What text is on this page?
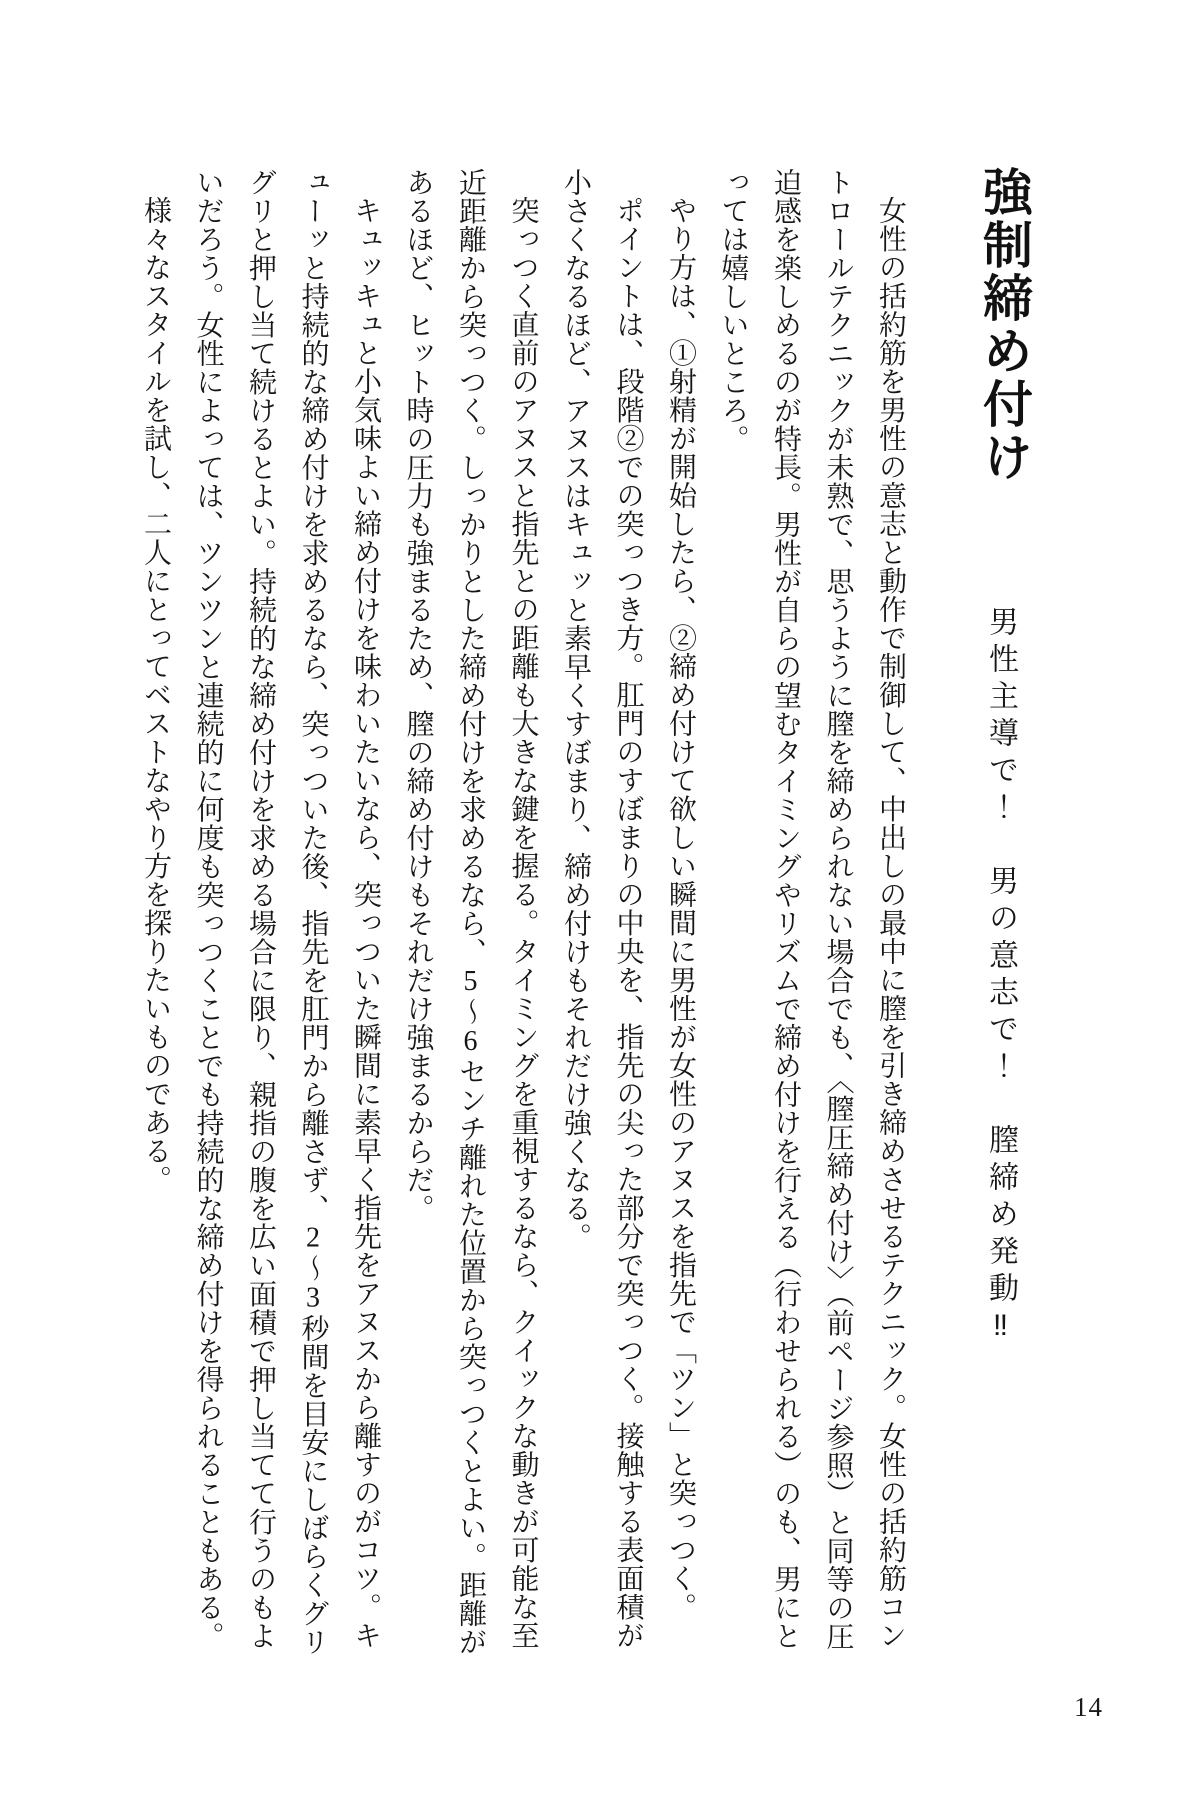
強制締め付け
男性主導で！　男の意志で！　膣締め発動‼

女性の括約筋を男性の意志と動作で制御して、中出しの最中に膣を引き締めさせるテクニック。女性の括約筋コントロールテクニックが未熟で、思うように膣を締められない場合でも、〈膣圧締め付け〉（前ページ参照）と同等の圧迫感を楽しめるのが特長。男性が自らの望むタイミングやリズムで締め付けを行える（行わせられる）のも、男にとっては嬉しいところ。

やり方は、①射精が開始したら、②締め付けて欲しい瞬間に男性が女性のアヌスを指先で「ツン」と突っつく。

ポイントは、段階②での突っつき方。肛門のすぼまりの中央を、指先の尖った部分で突っつく。接触する表面積が小さくなるほど、アヌスはキュッと素早くすぼまり、締め付けもそれだけ強くなる。

突っつく直前のアヌスと指先との距離も大きな鍵を握る。タイミングを重視するなら、クイックな動きが可能な至近距離から突っつく。しっかりとした締め付けを求めるなら、5〜6センチ離れた位置から突っつくとよい。距離があるほど、ヒット時の圧力も強まるため、膣の締め付けもそれだけ強まるからだ。

キュッキュと小気味よい締め付けを味わいたいなら、突っついた瞬間に素早く指先をアヌスから離すのがコツ。キューッと持続的な締め付けを求めるなら、突っついた後、指先を肛門から離さず、2〜3秒間を目安にしばらくグリグリと押し当て続けるとよい。持続的な締め付けを求める場合に限り、親指の腹を広い面積で押し当てて行うのもよいだろう。女性によっては、ツンツンと連続的に何度も突っつくことでも持続的な締め付けを得られることもある。

様々なスタイルを試し、二人にとってベストなやり方を探りたいものである。

14
